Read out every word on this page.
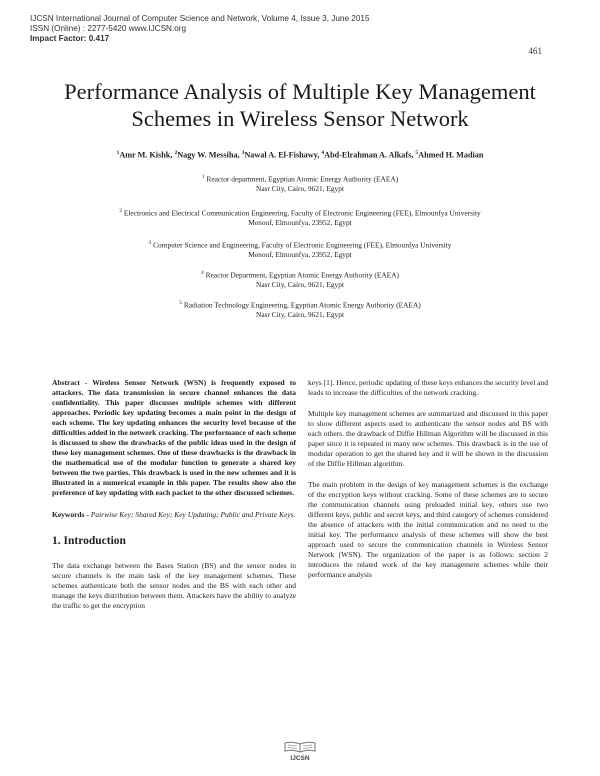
IJCSN International Journal of Computer Science and Network, Volume 4, Issue 3, June 2015
ISSN (Online) : 2277-5420 www.IJCSN.org
Impact Factor: 0.417
461
Performance Analysis of Multiple Key Management
Schemes in Wireless Sensor Network
$^1$Amr M. Kishk, $^2$Nagy W. Messiha, $^3$Nawal A. El-Fishawy, $^4$Abd-Elrahman A. Alkafs, $^5$Ahmed H. Madian
$^1$ Reactor department, Egyptian Atomic Energy Authority (EAEA)
Nasr City, Cairo, 9621, Egypt
$^2$ Electronics and Electrical Communication Engineering, Faculty of Electronic Engineering (FEE), Elmounfya University
Menouf, Elmounfya, 23952, Egypt
$^3$ Computer Science and Engineering, Faculty of Electronic Engineering (FEE), Elmounfya University
Menouf, Elmounfya, 23952, Egypt
$^4$ Reactor Department, Egyptian Atomic Energy Authority (EAEA)
Nasr City, Cairo, 9621, Egypt
$^5$ Radiation Technology Engineering, Egyptian Atomic Energy Authority (EAEA)
Nasr City, Cairo, 9621, Egypt

Abstract - Wireless Sensor Network (WSN) is frequently exposed to attackers. The data transmission in secure channel enhances the data confidentiality. This paper discusses multiple schemes with different approaches. Periodic key updating becomes a main point in the design of each scheme. The key updating enhances the security level because of the difficulties added in the network cracking. The performance of each scheme is discussed to show the drawbacks of the public ideas used in the design of these key management schemes. One of these drawbacks is the drawback in the mathematical use of the modular function to generate a shared key between the two parties. This drawback is used in the new schemes and it is illustrated in a numerical example in this paper. The results show also the preference of key updating with each packet to the other discussed schemes.

Keywords - Pairwise Key; Shared Key; Key Updating; Public and Private Keys.

1. Introduction

The data exchange between the Bases Station (BS) and the sensor nodes in secure channels is the main task of the key management schemes. These schemes authenticate both the sensor nodes and the BS with each other and manage the keys distribution between them. Attackers have the ability to analyze the traffic to get the encryption

keys [1]. Hence, periodic updating of these keys enhances the security level and leads to increase the difficulties of the network cracking.

Multiple key management schemes are summarized and discussed in this paper to show different aspects used to authenticate the sensor nodes and BS with each others. the drawback of Diffie Hillman Algorithm will be discussed in this paper since it is repeated in many new schemes. This drawback is in the use of modular operation to get the shared key and it will be shown in the discussion of the Diffie Hillman algorithm.

The main problem in the design of key management schemes is the exchange of the encryption keys without cracking. Some of these schemes are to secure the communication channels using preloaded initial key, others use two different keys, public and secret keys, and third category of schemes considered the absence of attackers with the initial communication and no need to the initial key. The performance analysis of these schemes will show the best approach used to secure the communication channels in Wireless Sensor Network (WSN). The organization of the paper is as follows: section 2 introduces the related work of the key management schemes while their performance analysis

IJCSN
